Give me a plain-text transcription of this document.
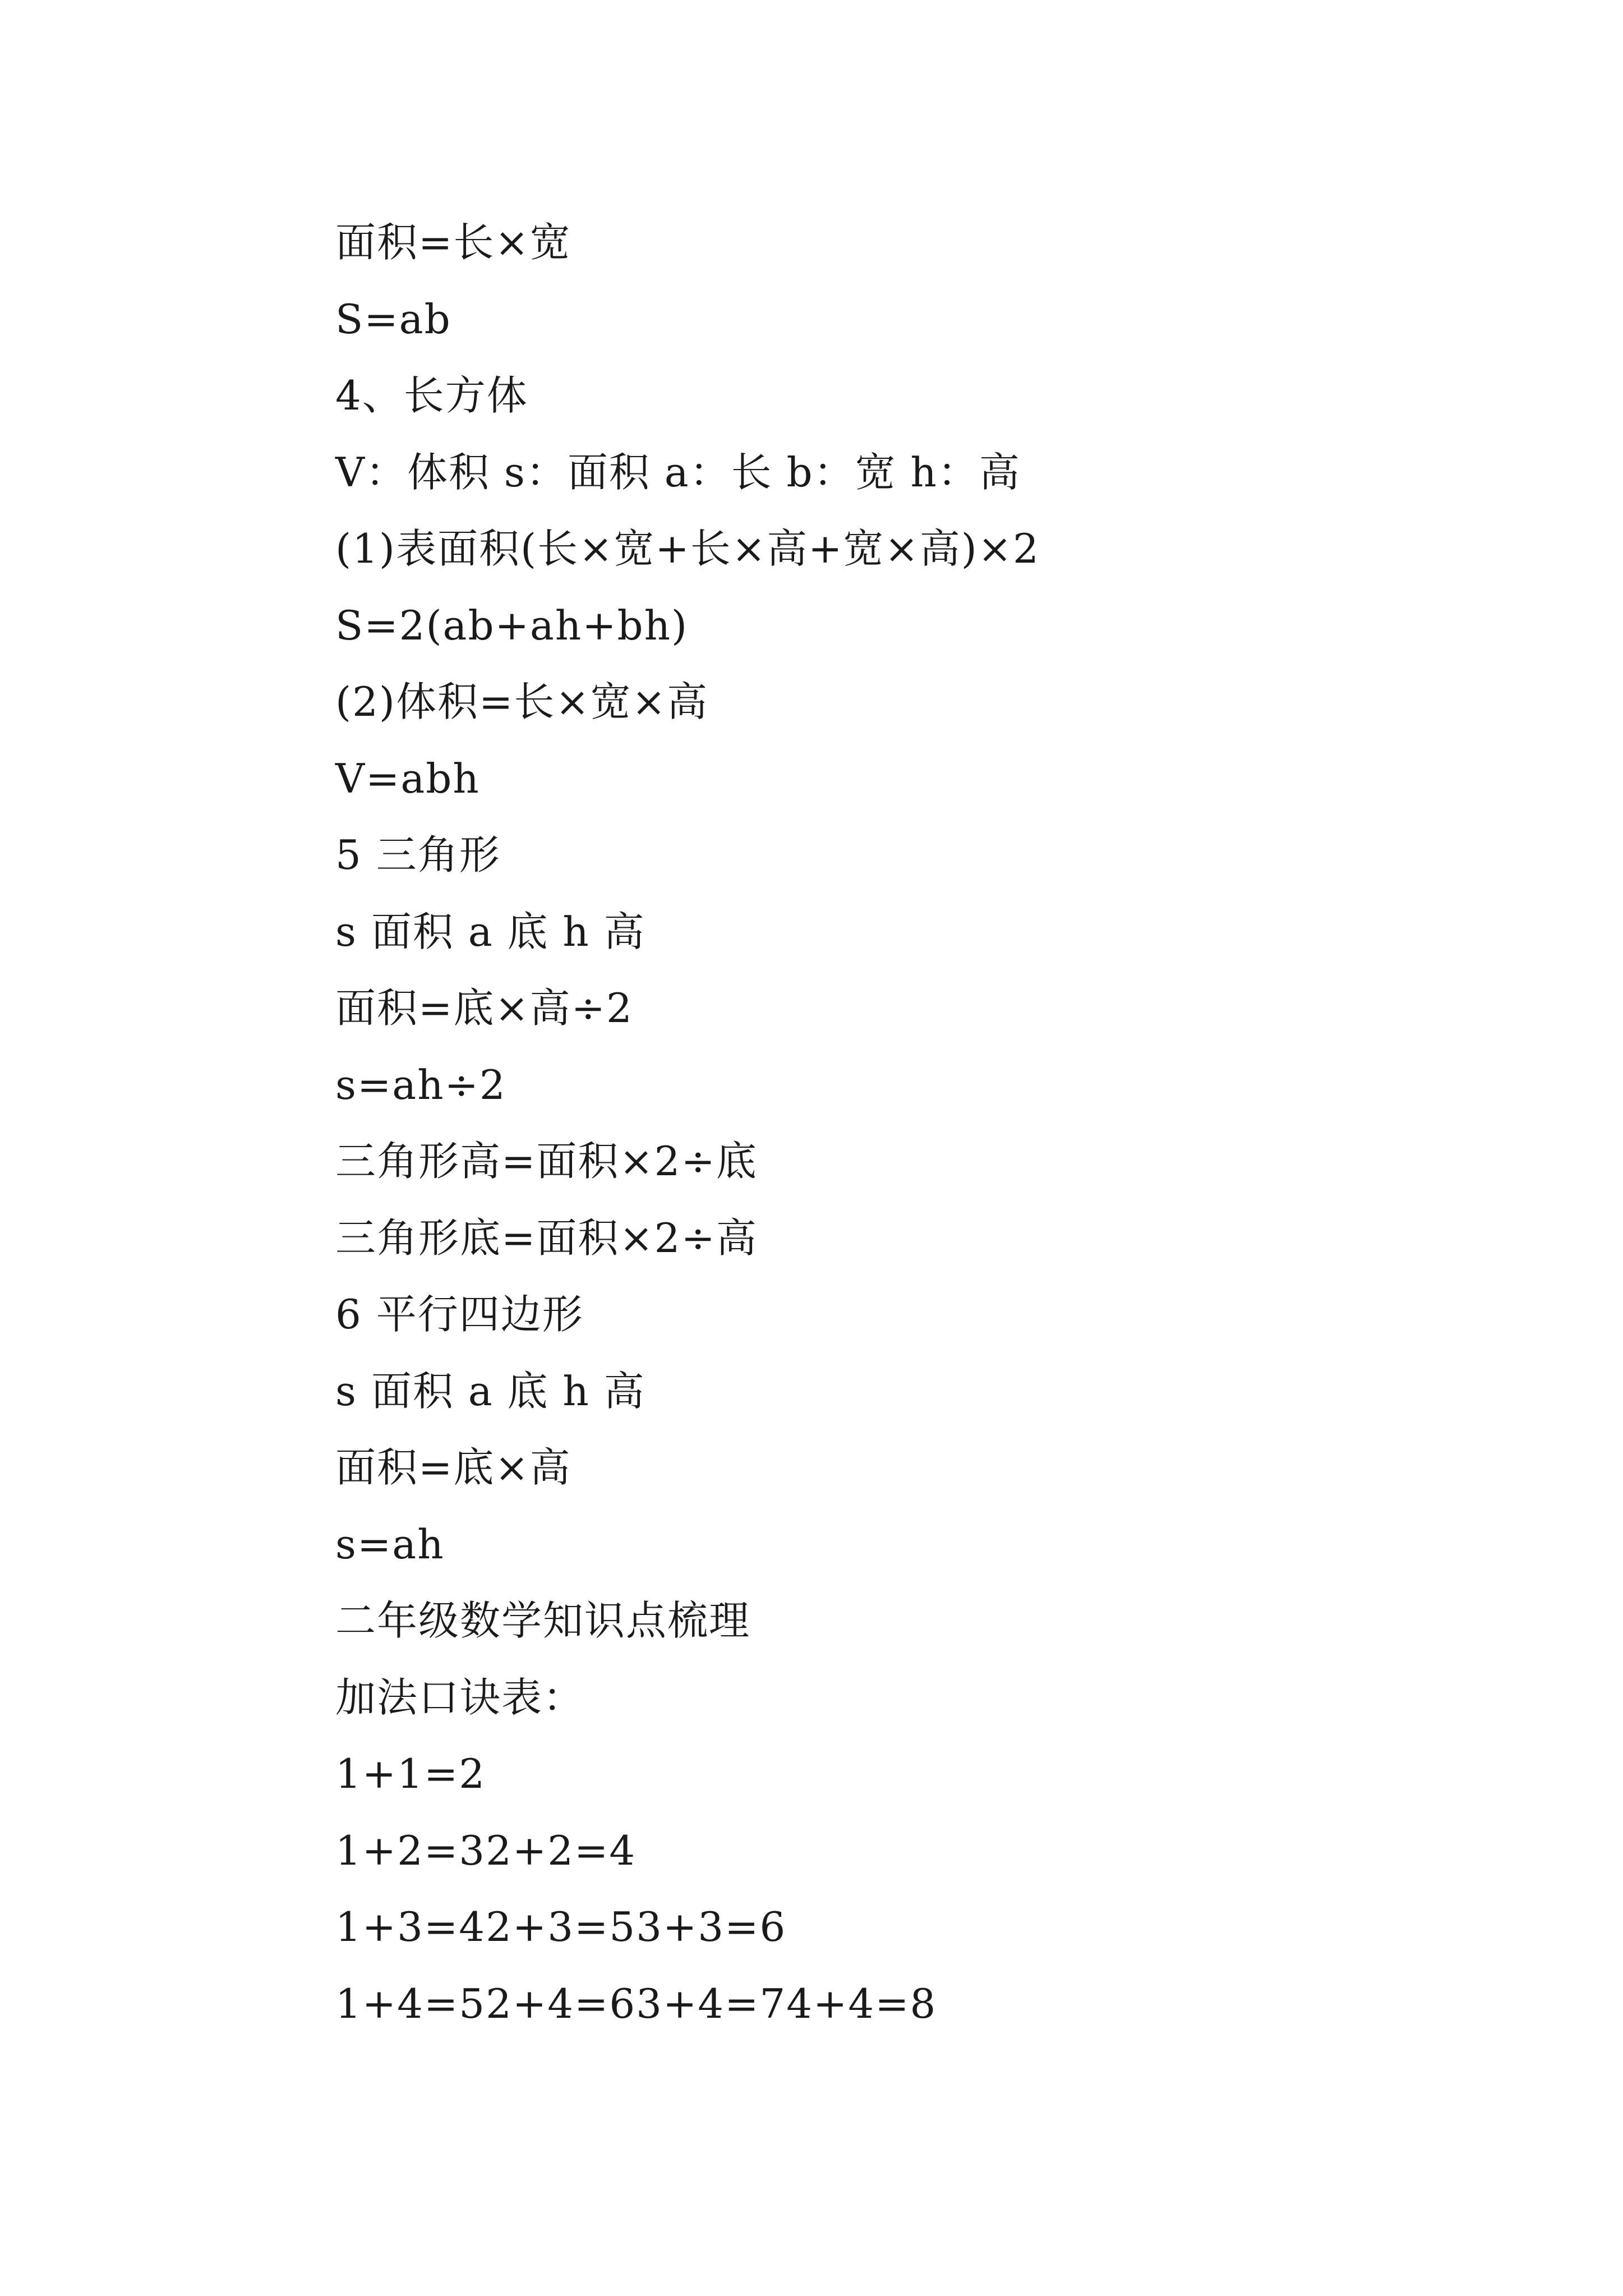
面积=长×宽
S=ab
4、长方体
V：体积 s：面积 a：长 b：宽 h：高
(1)表面积(长×宽+长×高+宽×高)×2
S=2(ab+ah+bh)
(2)体积=长×宽×高
V=abh
5 三角形
s 面积 a 底 h 高
面积=底×高÷2
s=ah÷2
三角形高=面积×2÷底
三角形底=面积×2÷高
6 平行四边形
s 面积 a 底 h 高
面积=底×高
s=ah
二年级数学知识点梳理
加法口诀表：
1+1=2
1+2=32+2=4
1+3=42+3=53+3=6
1+4=52+4=63+4=74+4=8
